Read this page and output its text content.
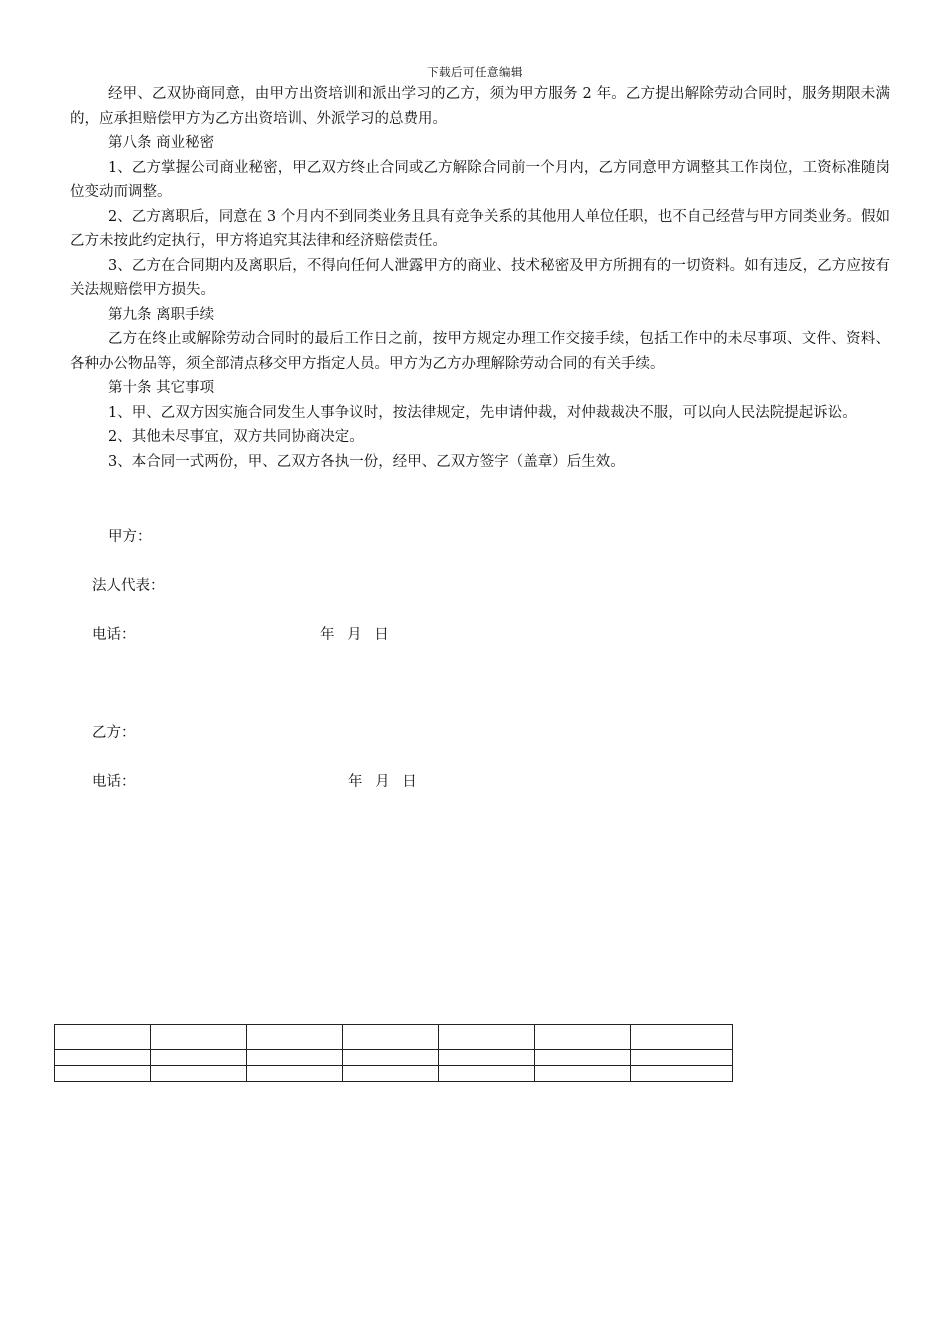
下载后可任意编辑

经甲、乙双协商同意，由甲方出资培训和派出学习的乙方，须为甲方服务 2 年。乙方提出解除劳动合同时，服务期限未满的，应承担赔偿甲方为乙方出资培训、外派学习的总费用。

第八条 商业秘密

1、乙方掌握公司商业秘密，甲乙双方终止合同或乙方解除合同前一个月内，乙方同意甲方调整其工作岗位，工资标准随岗位变动而调整。

2、乙方离职后，同意在 3 个月内不到同类业务且具有竞争关系的其他用人单位任职，也不自己经营与甲方同类业务。假如乙方未按此约定执行，甲方将追究其法律和经济赔偿责任。

3、乙方在合同期内及离职后，不得向任何人泄露甲方的商业、技术秘密及甲方所拥有的一切资料。如有违反，乙方应按有关法规赔偿甲方损失。

第九条 离职手续

乙方在终止或解除劳动合同时的最后工作日之前，按甲方规定办理工作交接手续，包括工作中的未尽事项、文件、资料、各种办公物品等，须全部清点移交甲方指定人员。甲方为乙方办理解除劳动合同的有关手续。

第十条 其它事项

1、甲、乙双方因实施合同发生人事争议时，按法律规定，先申请仲裁，对仲裁裁决不服，可以向人民法院提起诉讼。

2、其他未尽事宜，双方共同协商决定。

3、本合同一式两份，甲、乙双方各执一份，经甲、乙双方签字（盖章）后生效。

甲方：
法人代表：
电话：	年 月 日
乙方：
电话：	年 月 日
